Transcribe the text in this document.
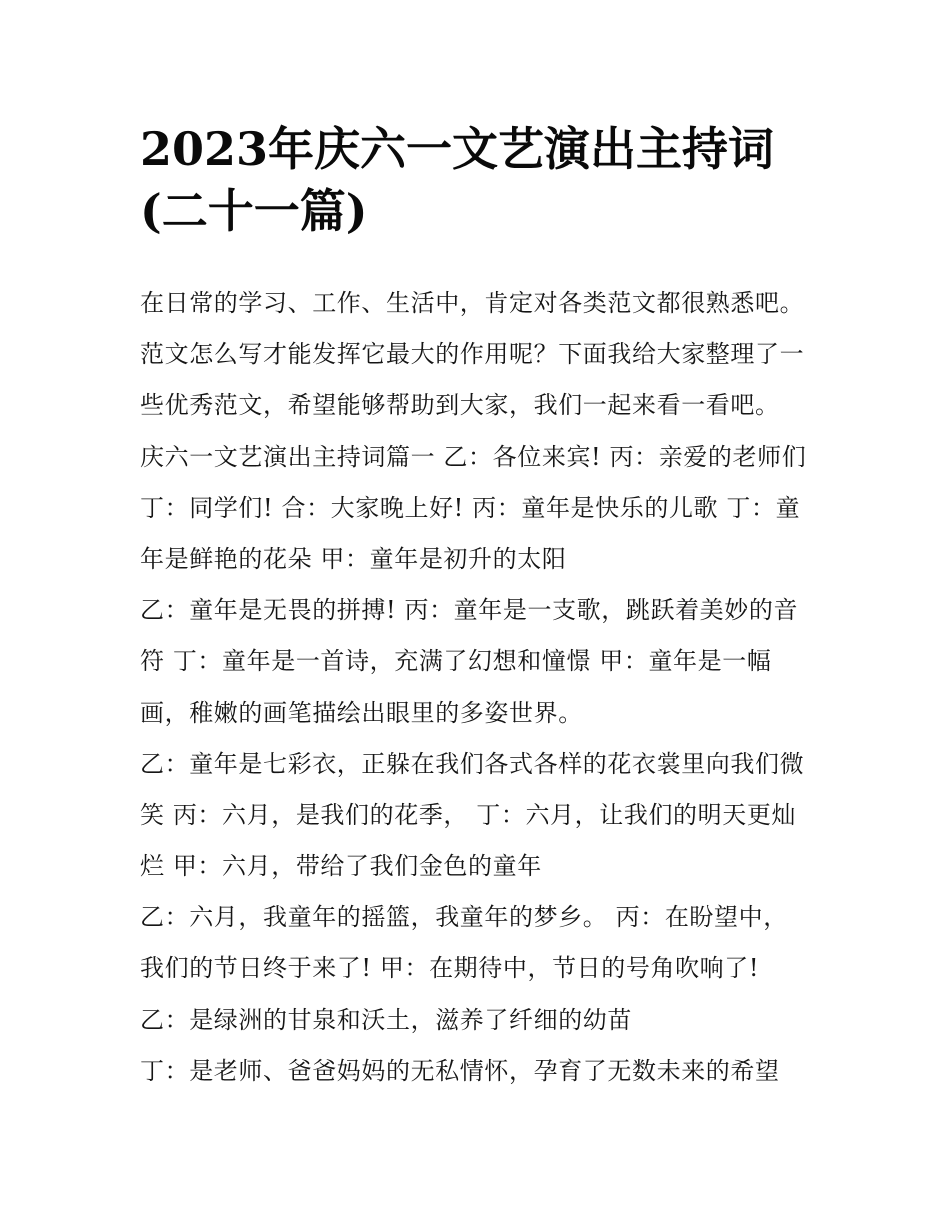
2023年庆六一文艺演出主持词
(二十一篇)
在日常的学习、工作、生活中，肯定对各类范文都很熟悉吧。
范文怎么写才能发挥它最大的作用呢？下面我给大家整理了一
些优秀范文，希望能够帮助到大家，我们一起来看一看吧。
庆六一文艺演出主持词篇一 乙：各位来宾! 丙：亲爱的老师们
丁：同学们! 合：大家晚上好! 丙：童年是快乐的儿歌 丁：童
年是鲜艳的花朵 甲：童年是初升的太阳
乙：童年是无畏的拼搏! 丙：童年是一支歌，跳跃着美妙的音
符 丁：童年是一首诗，充满了幻想和憧憬 甲：童年是一幅
画，稚嫩的画笔描绘出眼里的多姿世界。
乙：童年是七彩衣，正躲在我们各式各样的花衣裳里向我们微
笑 丙：六月，是我们的花季， 丁：六月，让我们的明天更灿
烂 甲：六月，带给了我们金色的童年
乙：六月，我童年的摇篮，我童年的梦乡。 丙：在盼望中，
我们的节日终于来了! 甲：在期待中，节日的号角吹响了!
乙：是绿洲的甘泉和沃土，滋养了纤细的幼苗
丁：是老师、爸爸妈妈的无私情怀，孕育了无数未来的希望
